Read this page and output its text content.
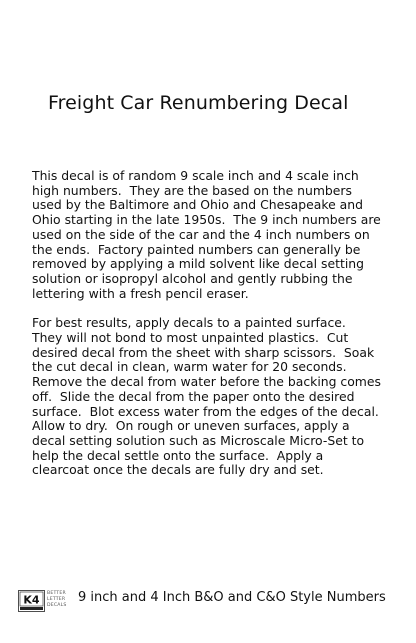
Freight Car Renumbering Decal

This decal is of random 9 scale inch and 4 scale inch high numbers.  They are the based on the numbers used by the Baltimore and Ohio and Chesapeake and Ohio starting in the late 1950s.  The 9 inch numbers are used on the side of the car and the 4 inch numbers on the ends.  Factory painted numbers can generally be removed by applying a mild solvent like decal setting solution or isopropyl alcohol and gently rubbing the lettering with a fresh pencil eraser.

For best results, apply decals to a painted surface.  They will not bond to most unpainted plastics.  Cut desired decal from the sheet with sharp scissors.  Soak the cut decal in clean, warm water for 20 seconds.  Remove the decal from water before the backing comes off.  Slide the decal from the paper onto the desired surface.  Blot excess water from the edges of the decal.  Allow to dry.  On rough or uneven surfaces, apply a decal setting solution such as Microscale Micro-Set to help the decal settle onto the surface.  Apply a clearcoat once the decals are fully dry and set.

K4 BETTER
LETTER
DECALS
9 inch and 4 Inch B&O and C&O Style Numbers
